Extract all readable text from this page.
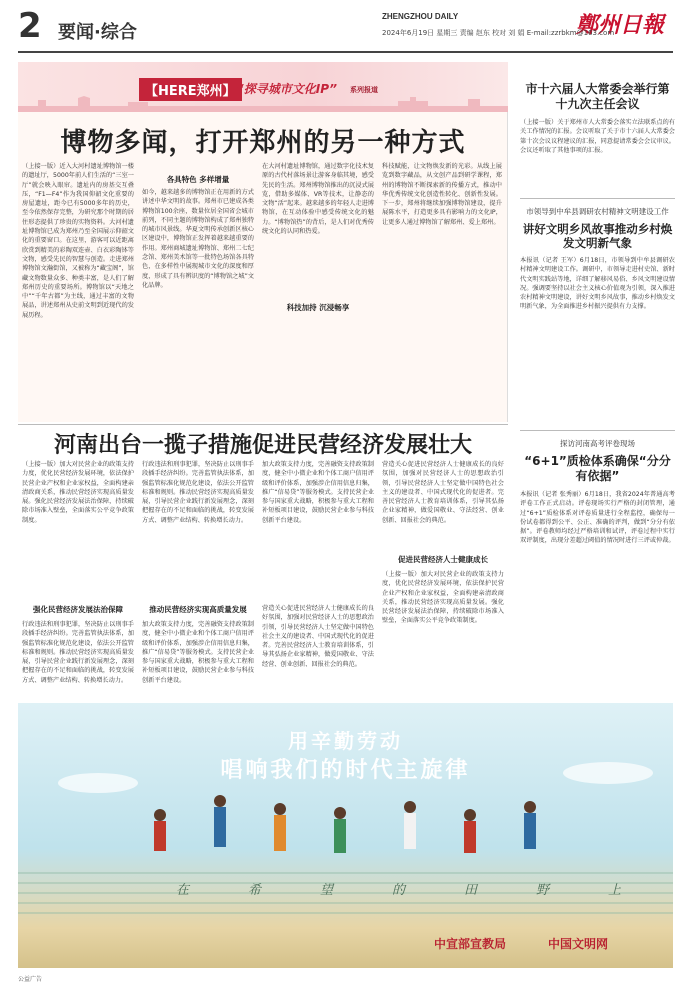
2 要闻·综合
ZHENGZHOU DAILY	鄭州日報
2024年6月19日 星期三 责编 赵东 校对 刘 娟 E-mail:zzrbkm@163.com
【HERE郑州】 “探寻城市文化IP” 系列报道
博物多闻，打开郑州的另一种方式
（上接一版）近入大河村遗址博物馆一楼的遗址厅，5000年前人们生活的“三室一厅”就会映入眼帘。遗址内的房基交互叠压，“F1—F4”作为我国仰韶文化重要的房屋遗址，距今已有5000多年的历史，至今依然保存完整，为研究那个时期的居住形态提供了珍贵的实物资料。大河村遗址博物馆已成为郑州乃至全国展示仰韶文化的重要窗口。在这里，游客可以近距离欣赏到精美的彩陶双连壶、白衣彩陶钵等文物，感受先民的智慧与创造。走进郑州博物馆文瀚街馆，又被称为“藏宝阁”，馆藏文物数量众多、种类丰富，是人们了解郑州历史的重要场所。博物馆以“天地之中”“千年古都”为主线，通过丰富的文物展品，讲述郑州从史前文明到近现代的发展历程。
各具特色 多样增量
如今，越来越多的博物馆正在用新的方式讲述中华文明的故事。郑州市已建成各类博物馆100余座，数量位居全国省会城市前列，不同主题的博物馆构成了郑州独特的城市风景线。华夏文明传承创新区核心区建设中，博物馆正发挥着越来越重要的作用。郑州商城遗址博物馆、郑州二七纪念馆、郑州美术馆等一批特色场馆各具特色，在多样性中展现城市文化的深度和厚度，形成了具有辨识度的“博物馆之城”文化品牌。
科技加持 沉浸畅享
在大河村遗址博物馆，通过数字化技术复原的古代村落场景让游客身临其境，感受先民的生活。郑州博物馆推出的沉浸式展览，借助多媒体、VR等技术，让静态的文物“活”起来。越来越多的年轻人走进博物馆，在互动体验中感受传统文化的魅力。“博物馆热”的背后，是人们对优秀传统文化的认同和热爱。
科技赋能，让文物焕发新的光彩。从线上展览到数字藏品，从文创产品到研学课程，郑州的博物馆不断探索新的传播方式，推动中华优秀传统文化创造性转化、创新性发展。下一步，郑州将继续加强博物馆建设，提升展陈水平，打造更多具有影响力的文化IP，让更多人通过博物馆了解郑州、爱上郑州。
市十六届人大常委会举行第十九次主任会议
（上接一版）关于郑州市人大常委会落实立法联系点的有关工作情况的汇报。会议听取了关于市十六届人大常委会第十次会议议程建议的汇报，同意提请常委会会议审议。会议还听取了其他事项的汇报。
市领导到中牟县调研农村精神文明建设工作
讲好文明乡风故事推动乡村焕发文明新气象
本报讯（记者 王军）6月18日，市领导到中牟县调研农村精神文明建设工作。调研中，市领导走进村史馆、新时代文明实践站等地，详细了解移风易俗、乡风文明建设情况。强调要坚持以社会主义核心价值观为引领，深入推进农村精神文明建设，讲好文明乡风故事，推动乡村焕发文明新气象，为全面推进乡村振兴提供有力支撑。
探访河南高考评卷现场
“6+1”质检体系确保“分分有依据”
本报讯（记者 张秀丽）6月18日，我省2024年普通高考评卷工作正式启动。评卷现场实行严格的封闭管理，通过“6+1”质检体系对评卷质量进行全程监控，确保每一份试卷都得到公平、公正、准确的评判，做到“分分有依据”。评卷教师均经过严格培训和试评，评卷过程中实行双评制度，出现分差超过阈值的情况时进行三评或仲裁。
河南出台一揽子措施促进民营经济发展壮大
（上接一版）加大对民营企业的政策支持力度，优化民营经济发展环境，依法保护民营企业产权和企业家权益，全面构建亲清政商关系，推动民营经济实现高质量发展。强化民营经济发展法治保障，持续破除市场准入壁垒，全面落实公平竞争政策制度。
强化民营经济发展法治保障
行政违法和刑事犯罪，坚决防止以刑事手段插手经济纠纷。完善监管执法体系，加强监管标准化规范化建设，依法公开监管标准和规则。推动民营经济实现高质量发展，引导民营企业践行新发展理念，深刻把握存在的不足和面临的挑战，转变发展方式、调整产业结构、转换增长动力。
推动民营经济实现高质量发展
加大政策支持力度，完善融资支持政策制度，健全中小微企业和个体工商户信用评级和评价体系，加强涉企信用信息归集，推广“信易贷”等服务模式。支持民营企业参与国家重大战略，积极参与重大工程和补短板项目建设，鼓励民营企业参与科技创新平台建设。
促进民营经济人士健康成长
营造关心促进民营经济人士健康成长的良好氛围，加强对民营经济人士的思想政治引领，引导民营经济人士坚定做中国特色社会主义的建设者、中国式现代化的促进者。完善民营经济人士教育培训体系，引导其弘扬企业家精神，做爱国敬业、守法经营、创业创新、回报社会的典范。
行政违法和刑事犯罪，坚决防止以刑事手段插手经济纠纷。完善监管执法体系，加强监管标准化规范化建设，依法公开监管标准和规则。推动民营经济实现高质量发展，引导民营企业践行新发展理念，深刻把握存在的不足和面临的挑战，转变发展方式、调整产业结构、转换增长动力。
加大政策支持力度，完善融资支持政策制度，健全中小微企业和个体工商户信用评级和评价体系，加强涉企信用信息归集，推广“信易贷”等服务模式。支持民营企业参与国家重大战略，积极参与重大工程和补短板项目建设，鼓励民营企业参与科技创新平台建设。
营造关心促进民营经济人士健康成长的良好氛围，加强对民营经济人士的思想政治引领，引导民营经济人士坚定做中国特色社会主义的建设者、中国式现代化的促进者。完善民营经济人士教育培训体系，引导其弘扬企业家精神，做爱国敬业、守法经营、创业创新、回报社会的典范。
（上接一版）加大对民营企业的政策支持力度，优化民营经济发展环境，依法保护民营企业产权和企业家权益，全面构建亲清政商关系，推动民营经济实现高质量发展。强化民营经济发展法治保障，持续破除市场准入壁垒，全面落实公平竞争政策制度。
用辛勤劳动
唱响我们的时代主旋律
在	希	望	的	田	野	上
中宣部宣教局	中国文明网
公益广告
